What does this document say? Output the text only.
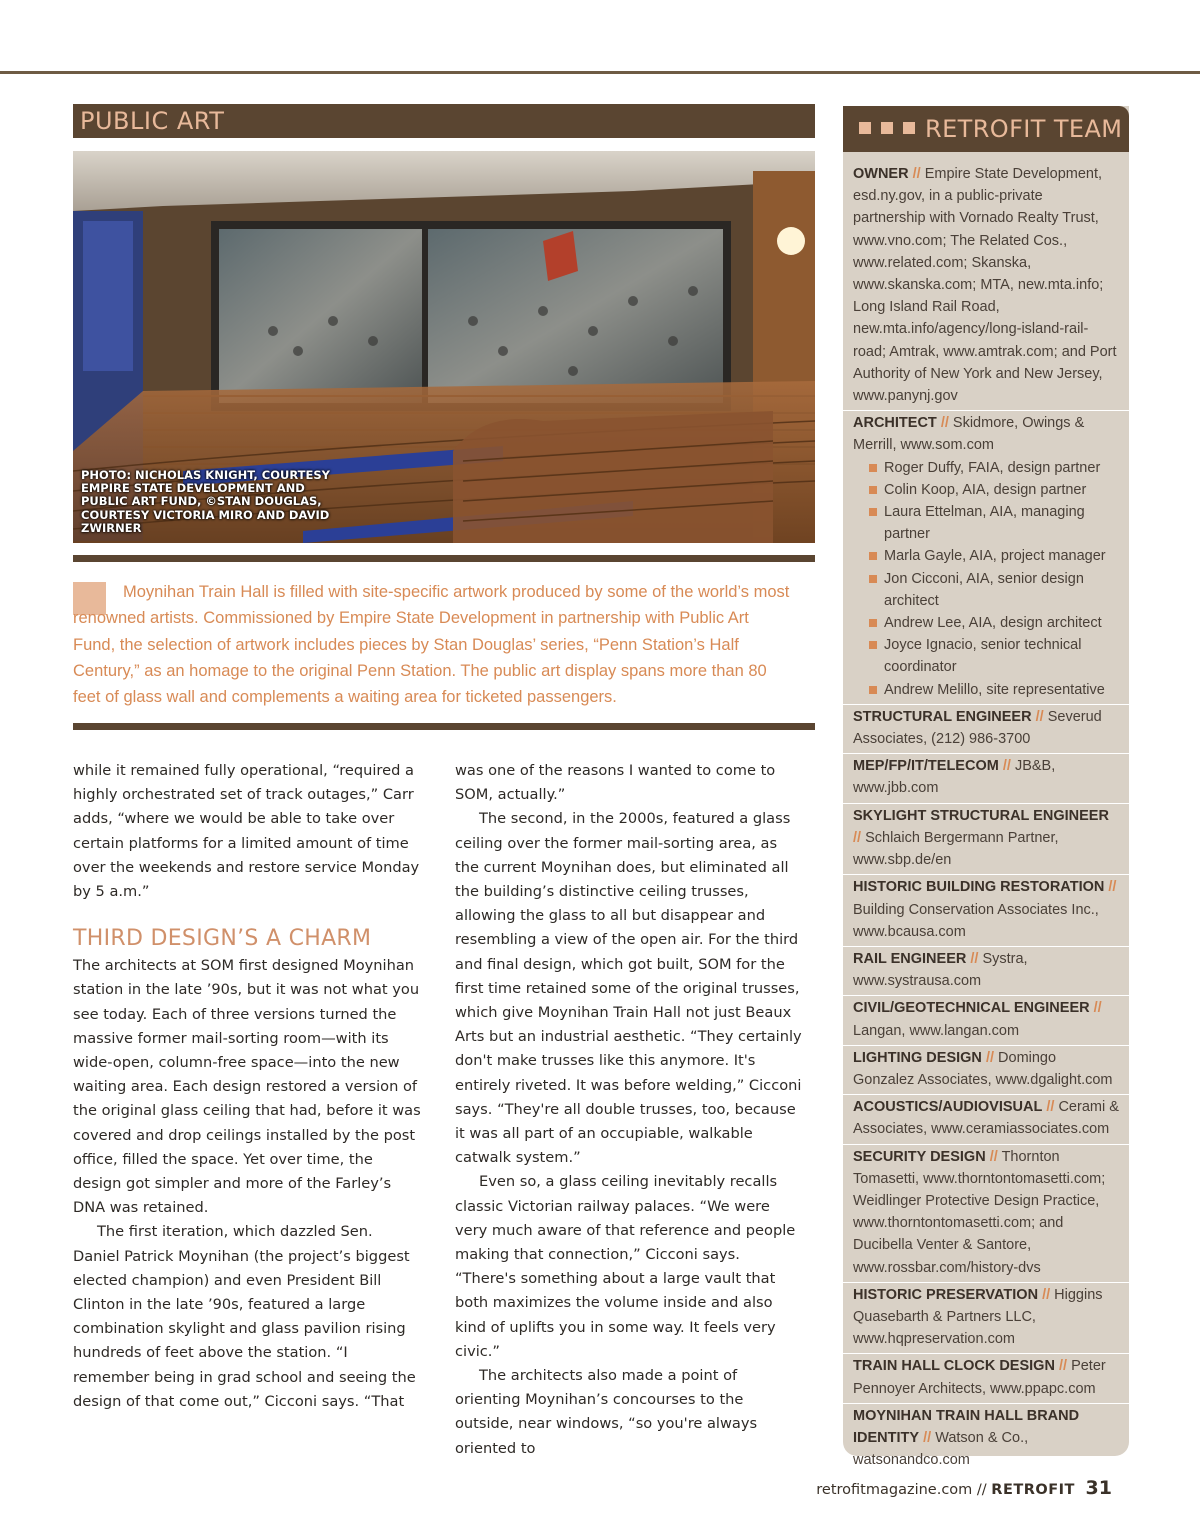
PUBLIC ART
PHOTO: NICHOLAS KNIGHT, COURTESY EMPIRE STATE DEVELOPMENT AND PUBLIC ART FUND, ©STAN DOUGLAS, COURTESY VICTORIA MIRO AND DAVID ZWIRNER

Moynihan Train Hall is filled with site-specific artwork produced by some of the world’s most renowned artists. Commissioned by Empire State Development in partnership with Public Art Fund, the selection of artwork includes pieces by Stan Douglas’ series, “Penn Station’s Half Century,” as an homage to the original Penn Station. The public art display spans more than 80 feet of glass wall and complements a waiting area for ticketed passengers.

while it remained fully operational, “required a highly orchestrated set of track outages,” Carr adds, “where we would be able to take over certain platforms for a limited amount of time over the weekends and restore service Monday by 5 a.m.”

THIRD DESIGN’S A CHARM

The architects at SOM first designed Moynihan station in the late ’90s, but it was not what you see today. Each of three versions turned the massive former mail-sorting room—with its wide-open, column-free space—into the new waiting area. Each design restored a version of the original glass ceiling that had, before it was covered and drop ceilings installed by the post office, filled the space. Yet over time, the design got simpler and more of the Farley’s DNA was retained.

The first iteration, which dazzled Sen. Daniel Patrick Moynihan (the project’s biggest elected champion) and even President Bill Clinton in the late ’90s, featured a large combination skylight and glass pavilion rising hundreds of feet above the station. “I remember being in grad school and seeing the design of that come out,” Cicconi says. “That

was one of the reasons I wanted to come to SOM, actually.”

The second, in the 2000s, featured a glass ceiling over the former mail-sorting area, as the current Moynihan does, but eliminated all the building’s distinctive ceiling trusses, allowing the glass to all but disappear and resembling a view of the open air. For the third and final design, which got built, SOM for the first time retained some of the original trusses, which give Moynihan Train Hall not just Beaux Arts but an industrial aesthetic. “They certainly don't make trusses like this anymore. It's entirely riveted. It was before welding,” Cicconi says. “They're all double trusses, too, because it was all part of an occupiable, walkable catwalk system.”

Even so, a glass ceiling inevitably recalls classic Victorian railway palaces. “We were very much aware of that reference and people making that connection,” Cicconi says. “There's something about a large vault that both maximizes the volume inside and also kind of uplifts you in some way. It feels very civic.”

The architects also made a point of orienting Moynihan’s concourses to the outside, near windows, “so you're always oriented to

RETROFIT TEAM
OWNER // Empire State Development, esd.ny.gov, in a public-private partnership with Vornado Realty Trust, www.vno.com; The Related Cos., www.related.com; Skanska, www.skanska.com; MTA, new.mta.info; Long Island Rail Road, new.mta.info/agency/long-island-rail-road; Amtrak, www.amtrak.com; and Port Authority of New York and New Jersey, www.panynj.gov
ARCHITECT // Skidmore, Owings & Merrill, www.som.com
Roger Duffy, FAIA, design partner
Colin Koop, AIA, design partner
Laura Ettelman, AIA, managing partner
Marla Gayle, AIA, project manager
Jon Cicconi, AIA, senior design architect
Andrew Lee, AIA, design architect
Joyce Ignacio, senior technical coordinator
Andrew Melillo, site representative
STRUCTURAL ENGINEER // Severud Associates, (212) 986-3700
MEP/FP/IT/TELECOM // JB&B, www.jbb.com
SKYLIGHT STRUCTURAL ENGINEER // Schlaich Bergermann Partner, www.sbp.de/en
HISTORIC BUILDING RESTORATION // Building Conservation Associates Inc., www.bcausa.com
RAIL ENGINEER // Systra, www.systrausa.com
CIVIL/GEOTECHNICAL ENGINEER // Langan, www.langan.com
LIGHTING DESIGN // Domingo Gonzalez Associates, www.dgalight.com
ACOUSTICS/AUDIOVISUAL // Cerami & Associates, www.ceramiassociates.com
SECURITY DESIGN // Thornton Tomasetti, www.thorntontomasetti.com; Weidlinger Protective Design Practice, www.thorntontomasetti.com; and Ducibella Venter & Santore, www.rossbar.com/history-dvs
HISTORIC PRESERVATION // Higgins Quasebarth & Partners LLC, www.hqpreservation.com
TRAIN HALL CLOCK DESIGN // Peter Pennoyer Architects, www.ppapc.com
MOYNIHAN TRAIN HALL BRAND IDENTITY // Watson & Co., watsonandco.com
retrofitmagazine.com // RETROFIT 31
